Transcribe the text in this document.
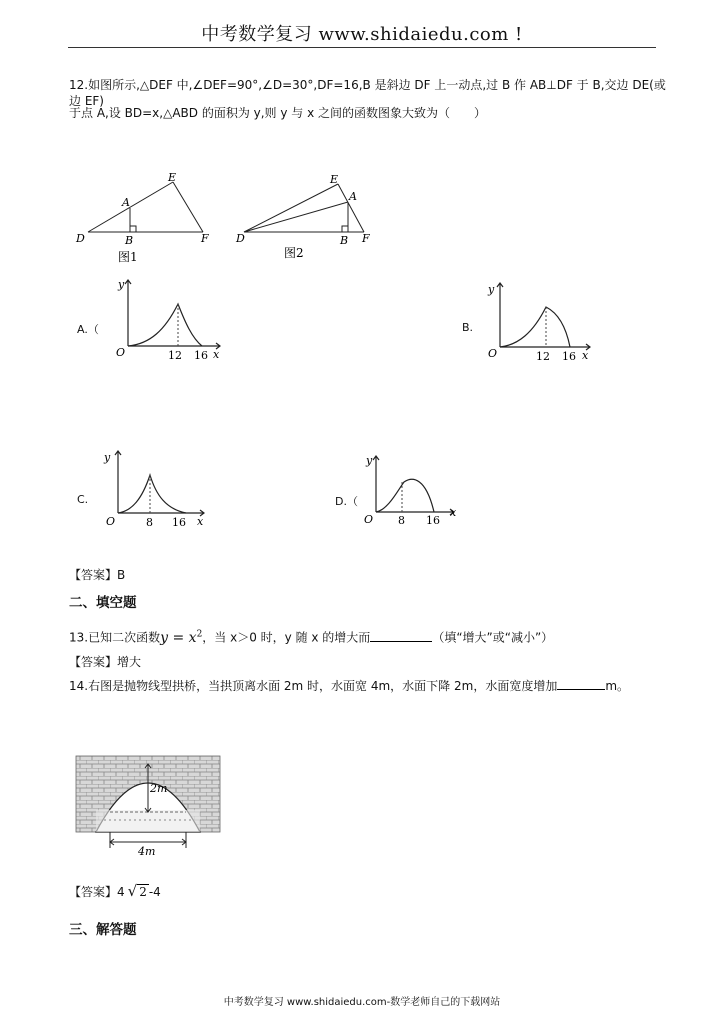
中考数学复习 www.shidaiedu.com !
12.如图所示,△DEF 中,∠DEF=90°,∠D=30°,DF=16,B 是斜边 DF 上一动点,过 B 作 AB⊥DF 于 B,交边 DE(或边 EF)
于点 A,设 BD=x,△ABD 的面积为 y,则 y 与 x 之间的函数图象大致为（　　）
D
E
F
A
B
图1
D
E
F
A
B
图2
A.（
y
O	12 16 x
B.
y
O	12 16 x
C.
y
O	8 16 x
D.（
y
O 8 16
x
【答案】B
二、填空题
13.已知二次函数$y = x^2$，当 x＞0 时，y 随 x 的增大而	（填“增大”或“减小”）
【答案】增大
14.右图是抛物线型拱桥，当拱顶离水面 2m 时，水面宽 4m，水面下降 2m，水面宽度增加	m。
2m
4m
【答案】4 √ 2 -4
三、解答题
中考数学复习 www.shidaiedu.com-数学老师自己的下载网站
